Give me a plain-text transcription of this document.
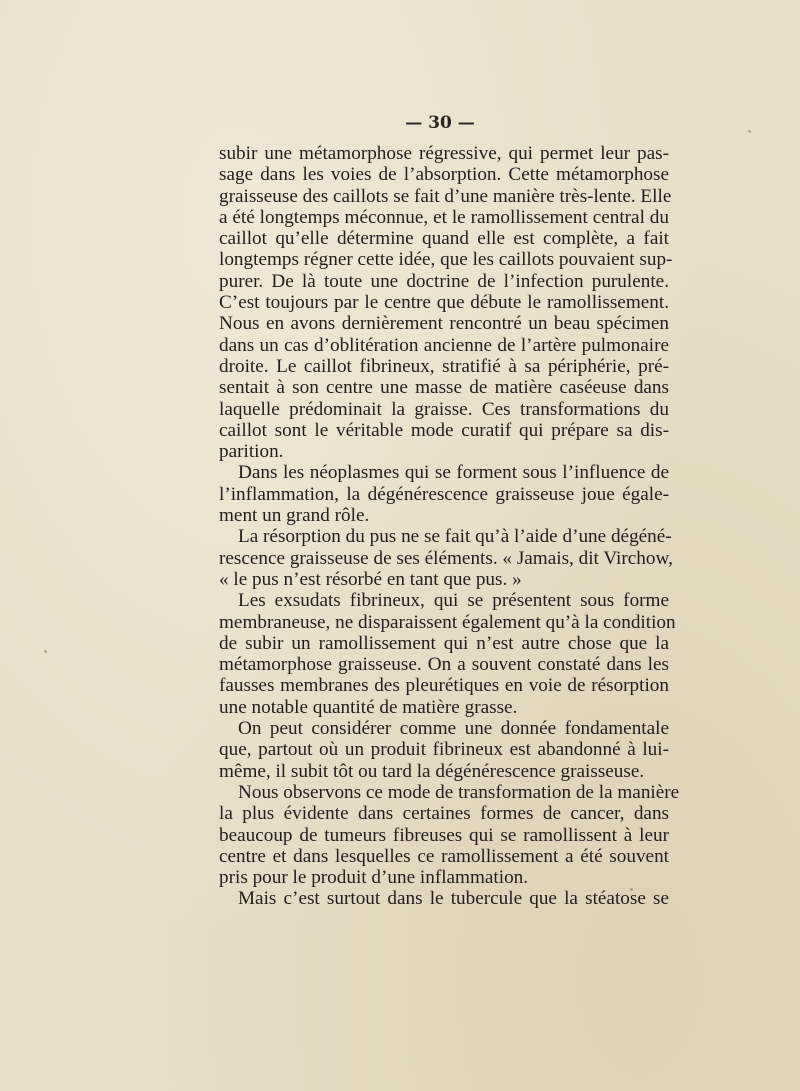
— 30 —
subir une métamorphose régressive, qui permet leur pas-
sage dans les voies de l’absorption. Cette métamorphose
graisseuse des caillots se fait d’une manière très-lente. Elle
a été longtemps méconnue, et le ramollissement central du
caillot qu’elle détermine quand elle est complète, a fait
longtemps régner cette idée, que les caillots pouvaient sup-
purer. De là toute une doctrine de l’infection purulente.
C’est toujours par le centre que débute le ramollissement.
Nous en avons dernièrement rencontré un beau spécimen
dans un cas d’oblitération ancienne de l’artère pulmonaire
droite. Le caillot fibrineux, stratifié à sa périphérie, pré-
sentait à son centre une masse de matière caséeuse dans
laquelle prédominait la graisse. Ces transformations du
caillot sont le véritable mode curatif qui prépare sa dis-
parition.
Dans les néoplasmes qui se forment sous l’influence de
l’inflammation, la dégénérescence graisseuse joue égale-
ment un grand rôle.
La résorption du pus ne se fait qu’à l’aide d’une dégéné-
rescence graisseuse de ses éléments. « Jamais, dit Virchow,
« le pus n’est résorbé en tant que pus. »
Les exsudats fibrineux, qui se présentent sous forme
membraneuse, ne disparaissent également qu’à la condition
de subir un ramollissement qui n’est autre chose que la
métamorphose graisseuse. On a souvent constaté dans les
fausses membranes des pleurétiques en voie de résorption
une notable quantité de matière grasse.
On peut considérer comme une donnée fondamentale
que, partout où un produit fibrineux est abandonné à lui-
même, il subit tôt ou tard la dégénérescence graisseuse.
Nous observons ce mode de transformation de la manière
la plus évidente dans certaines formes de cancer, dans
beaucoup de tumeurs fibreuses qui se ramollissent à leur
centre et dans lesquelles ce ramollissement a été souvent
pris pour le produit d’une inflammation.
Mais c’est surtout dans le tubercule que la stéatose se
